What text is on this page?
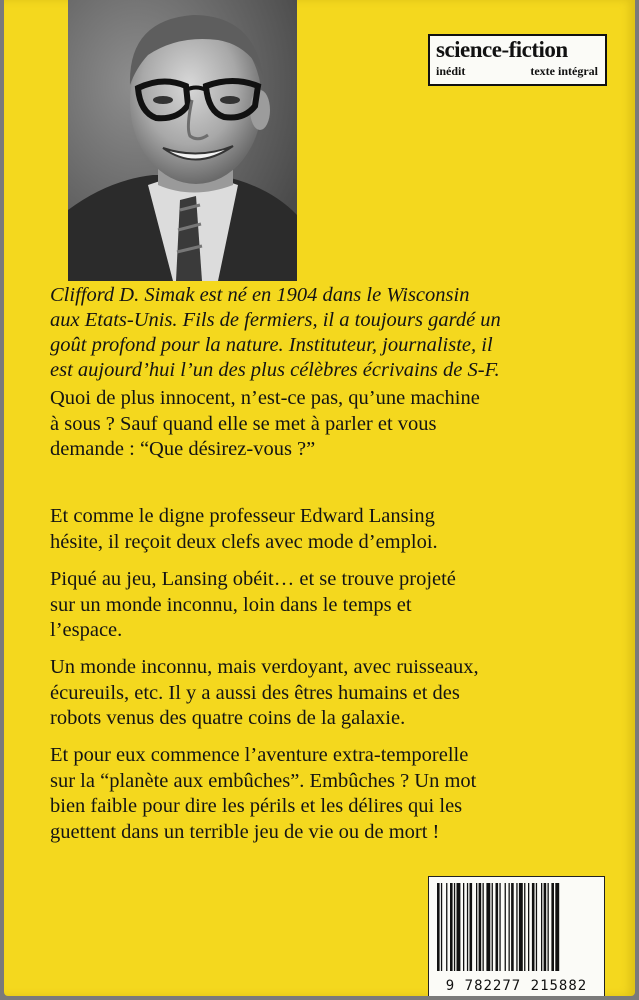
science-fiction
inédit	texte intégral
Clifford D. Simak est né en 1904 dans le Wisconsin
aux Etats-Unis. Fils de fermiers, il a toujours gardé un
goût profond pour la nature. Instituteur, journaliste, il
est aujourd’hui l’un des plus célèbres écrivains de S-F.
Quoi de plus innocent, n’est-ce pas, qu’une machine
à sous ? Sauf quand elle se met à parler et vous
demande : “Que désirez-vous ?”
Et comme le digne professeur Edward Lansing
hésite, il reçoit deux clefs avec mode d’emploi.
Piqué au jeu, Lansing obéit… et se trouve projeté
sur un monde inconnu, loin dans le temps et
l’espace.
Un monde inconnu, mais verdoyant, avec ruisseaux,
écureuils, etc. Il y a aussi des êtres humains et des
robots venus des quatre coins de la galaxie.
Et pour eux commence l’aventure extra-temporelle
sur la “planète aux embûches”. Embûches ? Un mot
bien faible pour dire les périls et les délires qui les
guettent dans un terrible jeu de vie ou de mort !
9 782277 215882
